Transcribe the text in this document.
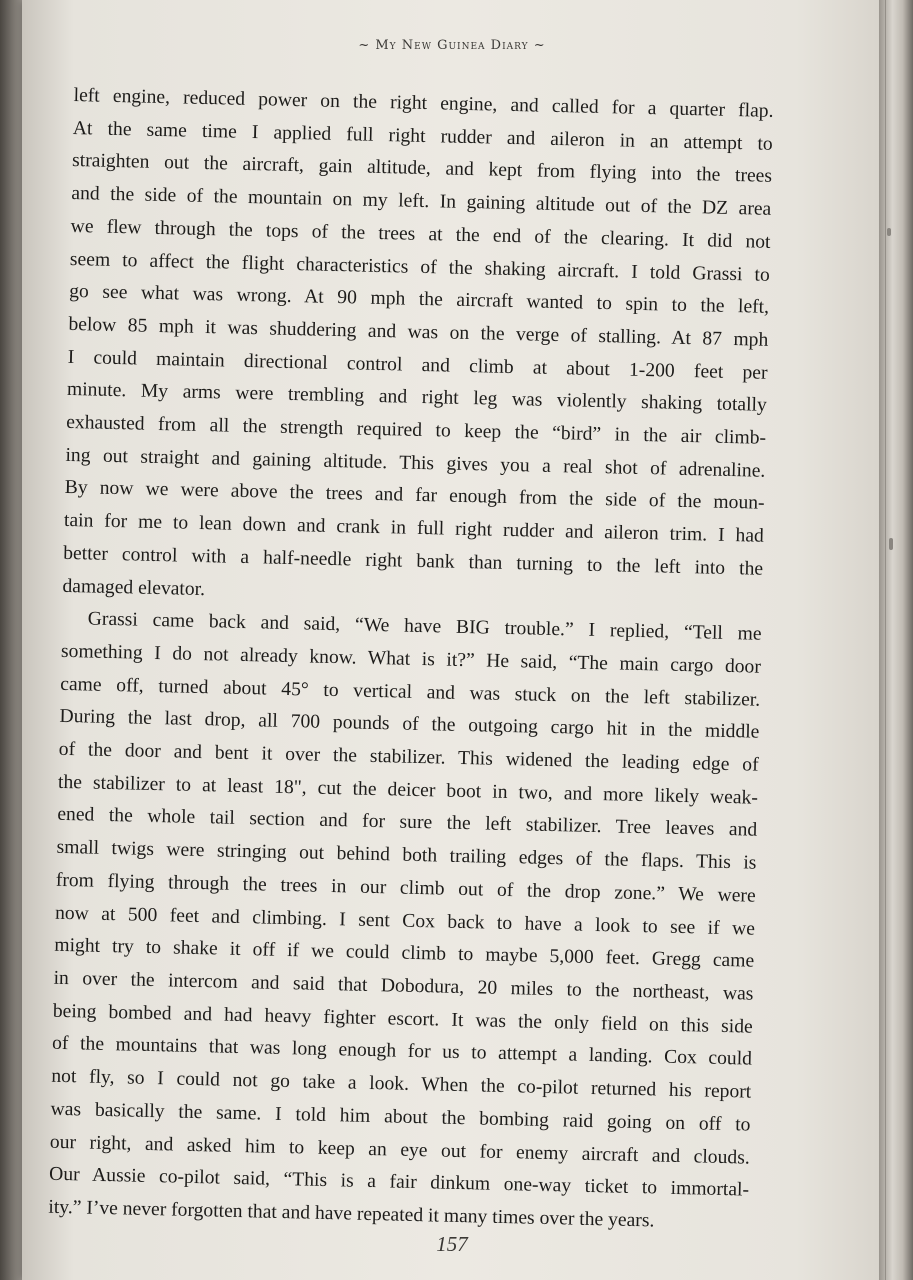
~ My New Guinea Diary ~

left engine, reduced power on the right engine, and called for a quarter flap.

At the same time I applied full right rudder and aileron in an attempt to

straighten out the aircraft, gain altitude, and kept from flying into the trees

and the side of the mountain on my left. In gaining altitude out of the DZ area

we flew through the tops of the trees at the end of the clearing. It did not

seem to affect the flight characteristics of the shaking aircraft. I told Grassi to

go see what was wrong. At 90 mph the aircraft wanted to spin to the left,

below 85 mph it was shuddering and was on the verge of stalling. At 87 mph

I could maintain directional control and climb at about 1-200 feet per

minute. My arms were trembling and right leg was violently shaking totally

exhausted from all the strength required to keep the “bird” in the air climb-

ing out straight and gaining altitude. This gives you a real shot of adrenaline.

By now we were above the trees and far enough from the side of the moun-

tain for me to lean down and crank in full right rudder and aileron trim. I had

better control with a half-needle right bank than turning to the left into the

damaged elevator.

Grassi came back and said, “We have BIG trouble.” I replied, “Tell me

something I do not already know. What is it?” He said, “The main cargo door

came off, turned about 45° to vertical and was stuck on the left stabilizer.

During the last drop, all 700 pounds of the outgoing cargo hit in the middle

of the door and bent it over the stabilizer. This widened the leading edge of

the stabilizer to at least 18", cut the deicer boot in two, and more likely weak-

ened the whole tail section and for sure the left stabilizer. Tree leaves and

small twigs were stringing out behind both trailing edges of the flaps. This is

from flying through the trees in our climb out of the drop zone.” We were

now at 500 feet and climbing. I sent Cox back to have a look to see if we

might try to shake it off if we could climb to maybe 5,000 feet. Gregg came

in over the intercom and said that Dobodura, 20 miles to the northeast, was

being bombed and had heavy fighter escort. It was the only field on this side

of the mountains that was long enough for us to attempt a landing. Cox could

not fly, so I could not go take a look. When the co-pilot returned his report

was basically the same. I told him about the bombing raid going on off to

our right, and asked him to keep an eye out for enemy aircraft and clouds.

Our Aussie co-pilot said, “This is a fair dinkum one-way ticket to immortal-

ity.” I’ve never forgotten that and have repeated it many times over the years.

157
